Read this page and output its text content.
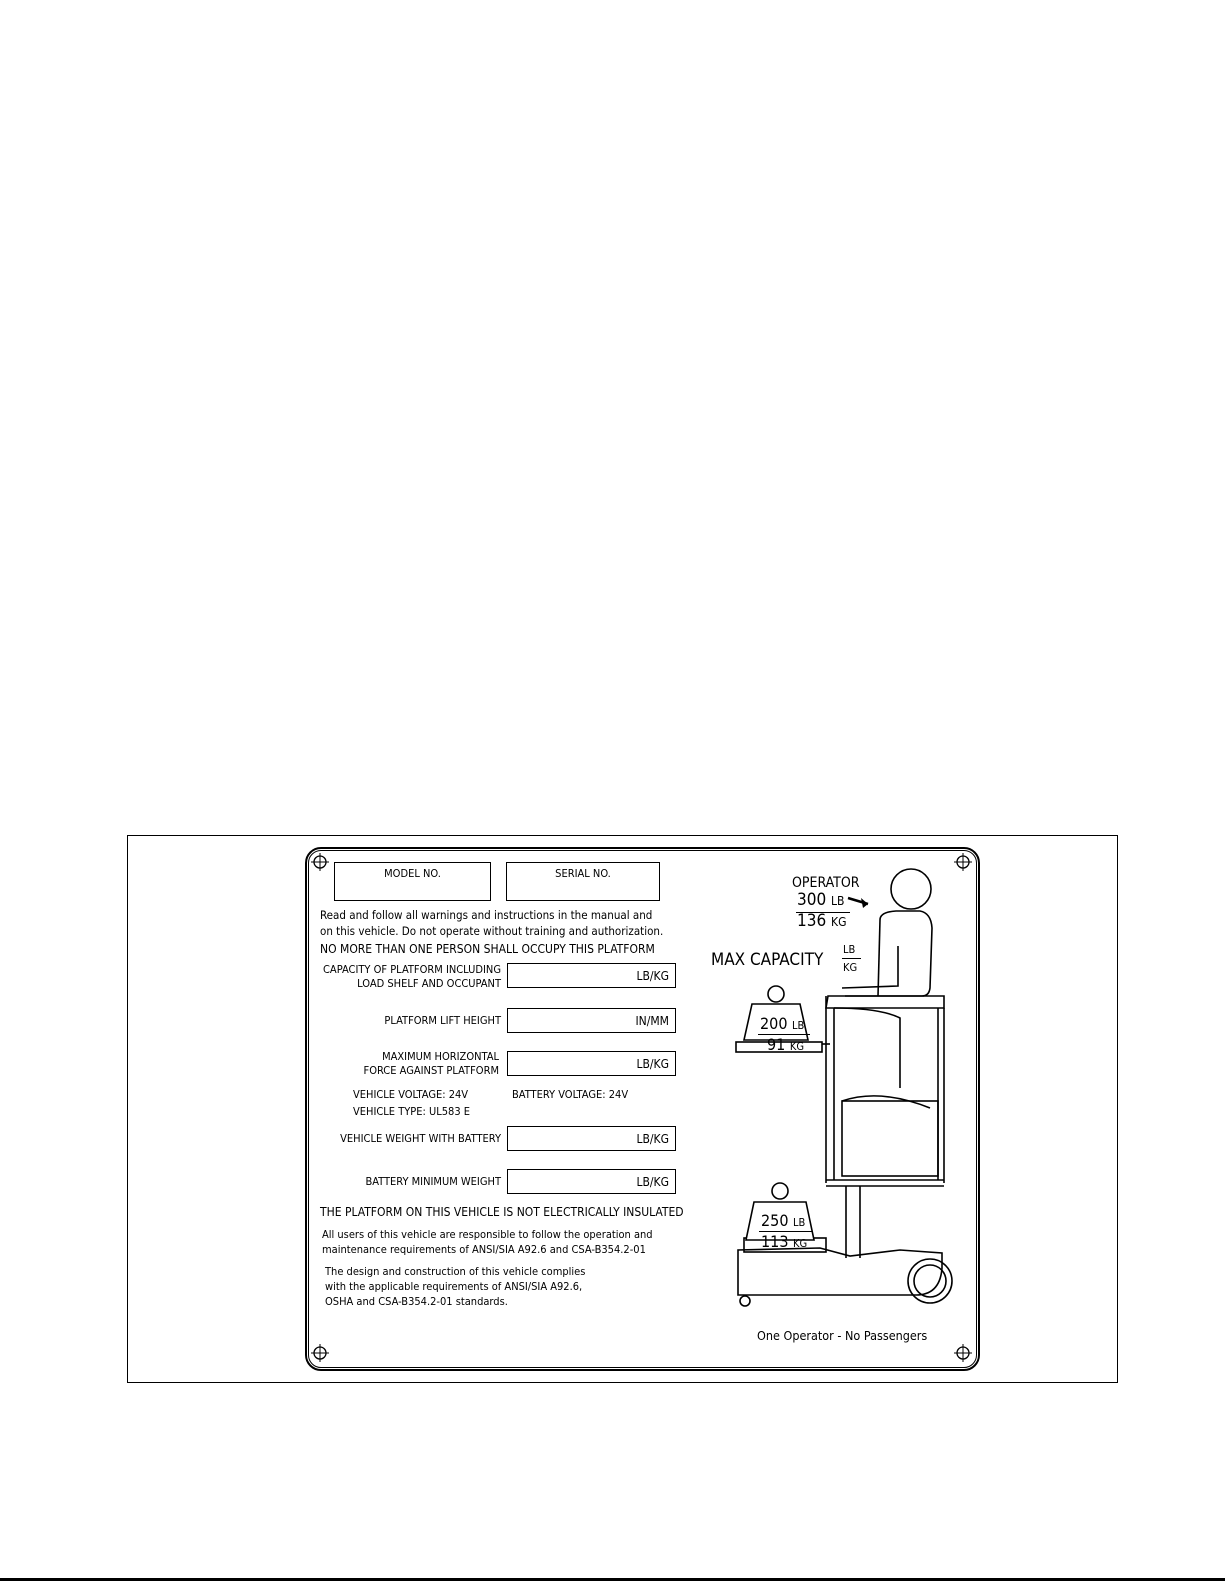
MODEL NO.	SERIAL NO.
Read and follow all warnings and instructions in the manual and
on this vehicle. Do not operate without training and authorization.
NO MORE THAN ONE PERSON SHALL OCCUPY THIS PLATFORM
CAPACITY OF PLATFORM INCLUDING
LOAD SHELF AND OCCUPANT
LB/KG
PLATFORM LIFT HEIGHT	IN/MM
MAXIMUM HORIZONTAL
FORCE AGAINST PLATFORM	LB/KG
VEHICLE VOLTAGE: 24V	BATTERY VOLTAGE: 24V
VEHICLE TYPE: UL583 E
VEHICLE WEIGHT WITH BATTERY	LB/KG
BATTERY MINIMUM WEIGHT	LB/KG
THE PLATFORM ON THIS VEHICLE IS NOT ELECTRICALLY INSULATED
All users of this vehicle are responsible to follow the operation and
maintenance requirements of ANSI/SIA A92.6 and CSA-B354.2-01
The design and construction of this vehicle complies
with the applicable requirements of ANSI/SIA A92.6,
OSHA and CSA-B354.2-01 standards.
OPERATOR
300 LB
136 KG
MAX CAPACITY
LB
KG
200 LB
91 KG
250 LB
113 KG
One Operator - No Passengers
